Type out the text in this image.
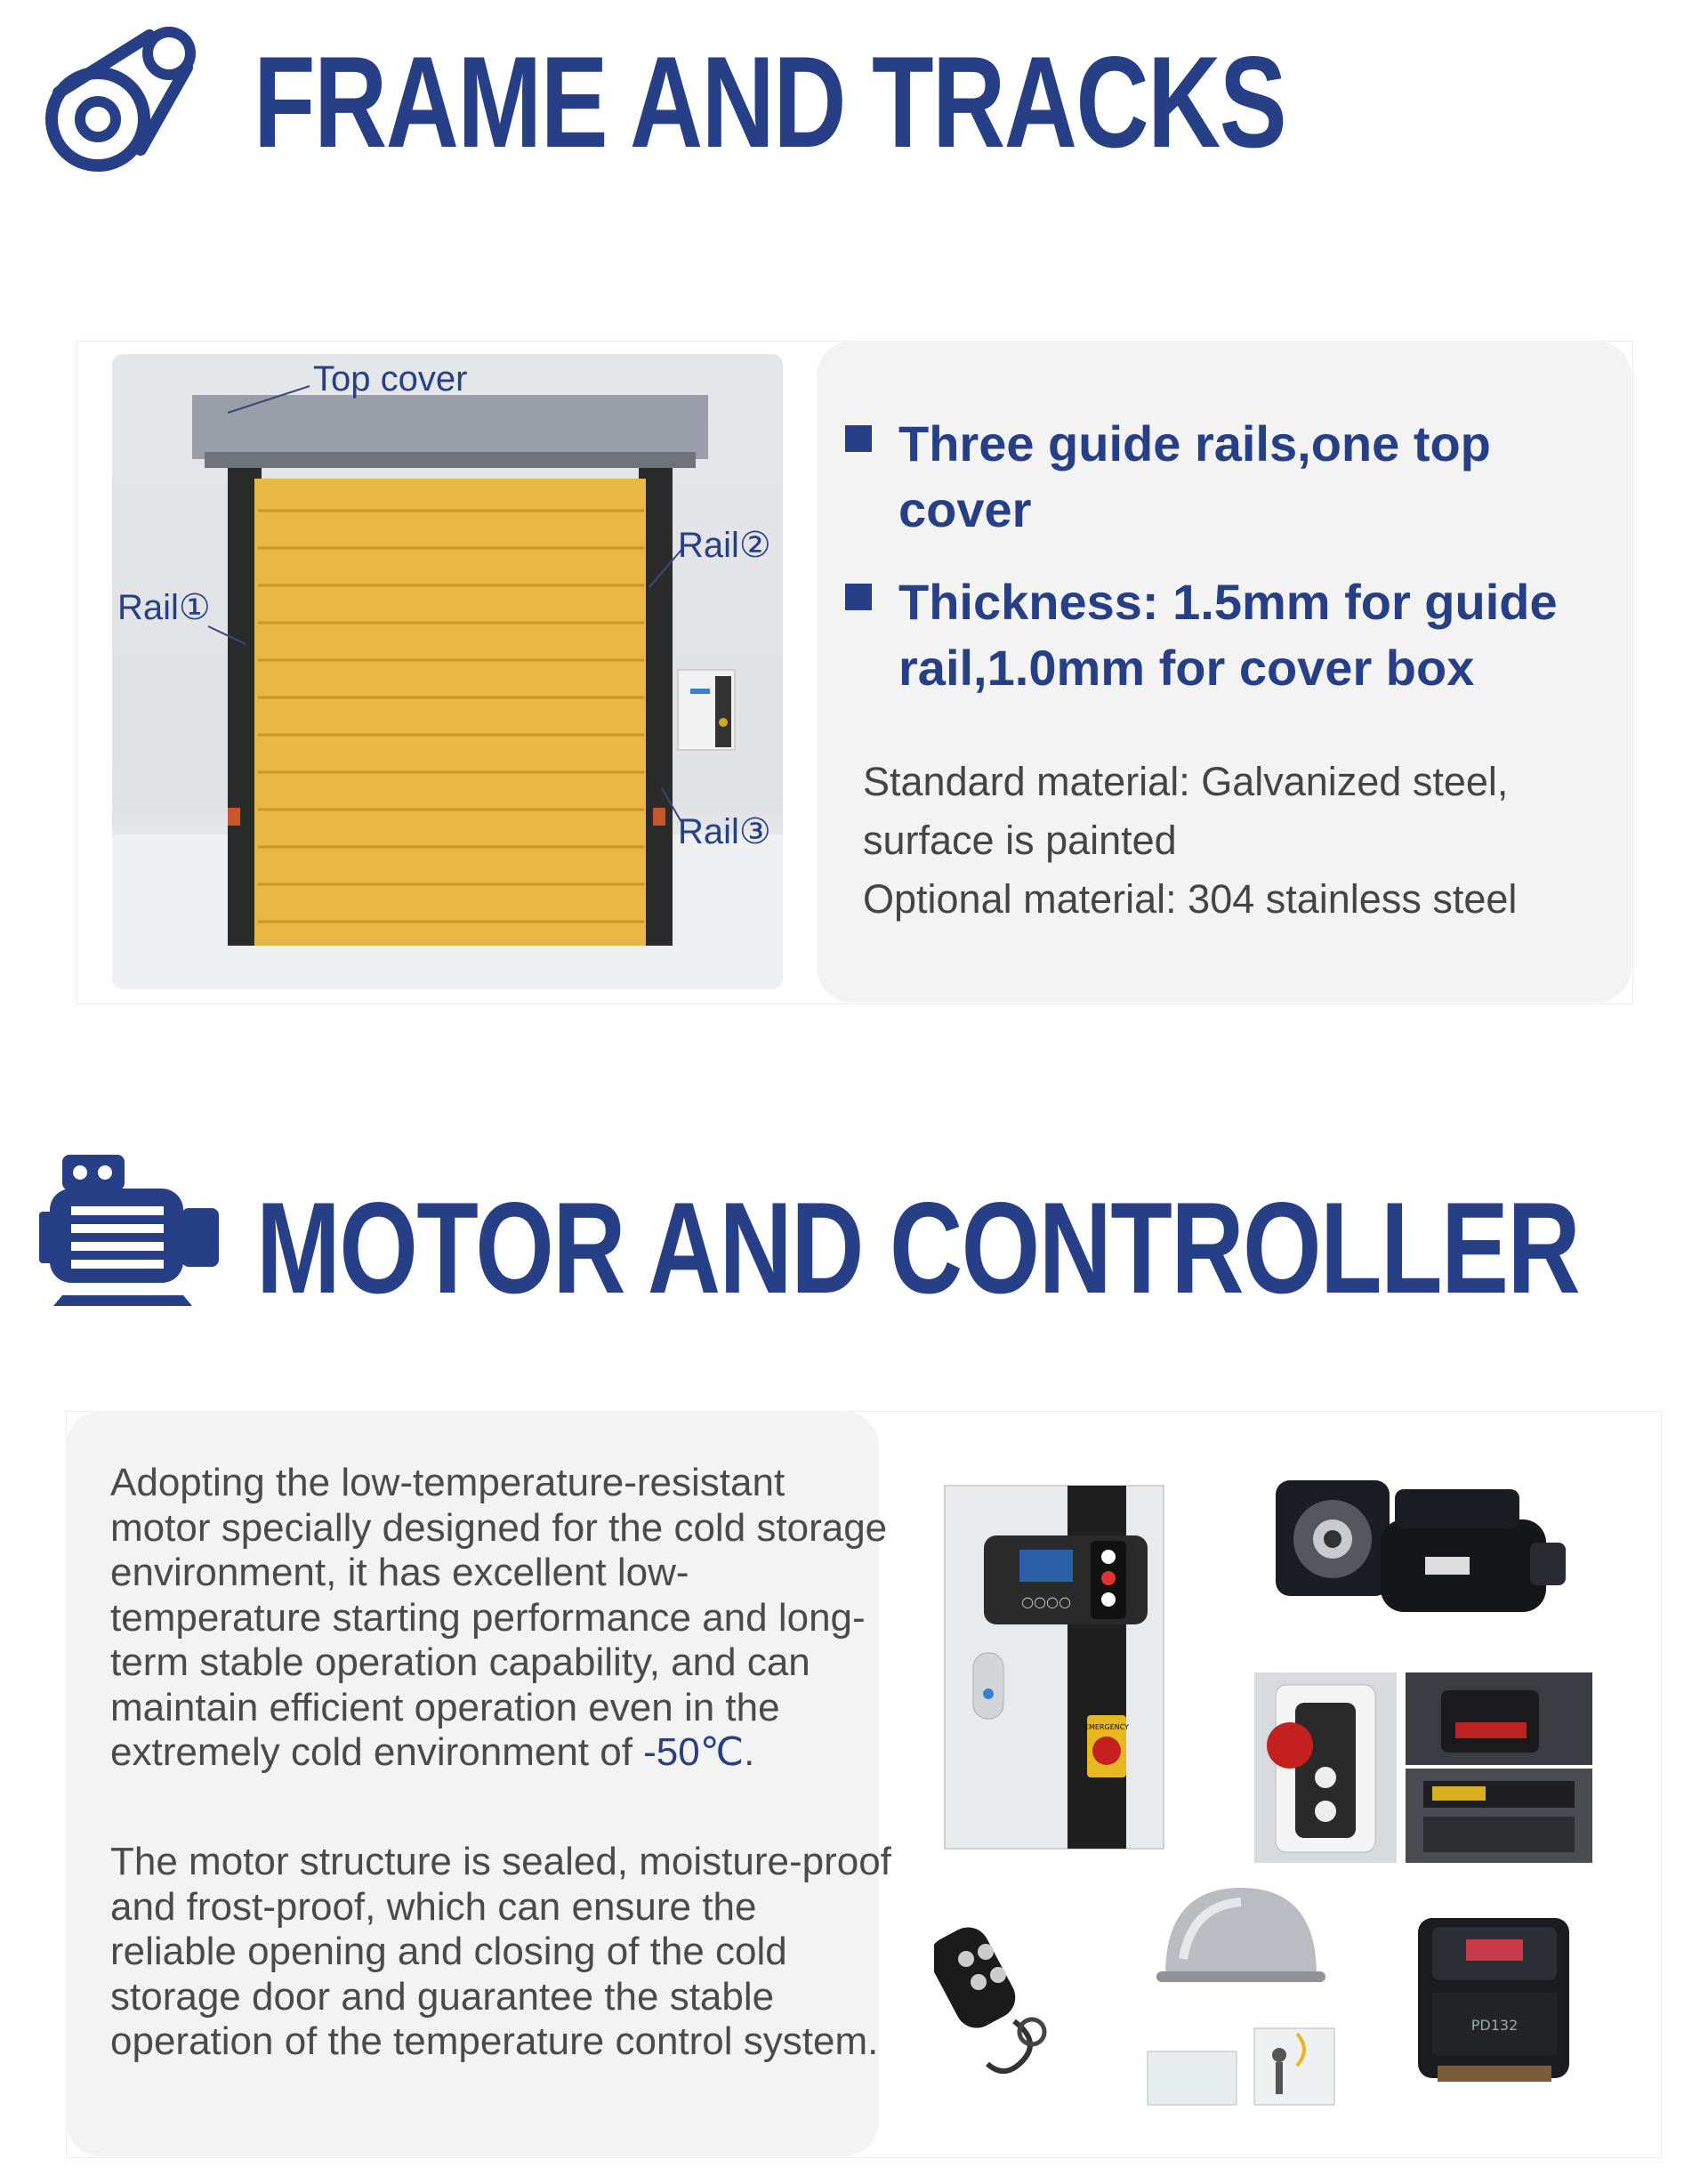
FRAME AND TRACKS
Top cover
Rail①
Rail②
Rail③
Three guide rails,one top cover
Thickness: 1.5mm for guide rail,1.0mm for cover box
Standard material: Galvanized steel,
surface is painted
Optional material: 304 stainless steel
MOTOR AND CONTROLLER
Adopting the low-temperature-resistant motor specially designed for the cold storage environment, it has excellent low-temperature starting performance and long-term stable operation capability, and can maintain efficient operation even in the extremely cold environment of -50℃.
The motor structure is sealed, moisture-proof and frost-proof, which can ensure the reliable opening and closing of the cold storage door and guarantee the stable operation of the temperature control system.
○○○○
EMERGENCY
PD132
